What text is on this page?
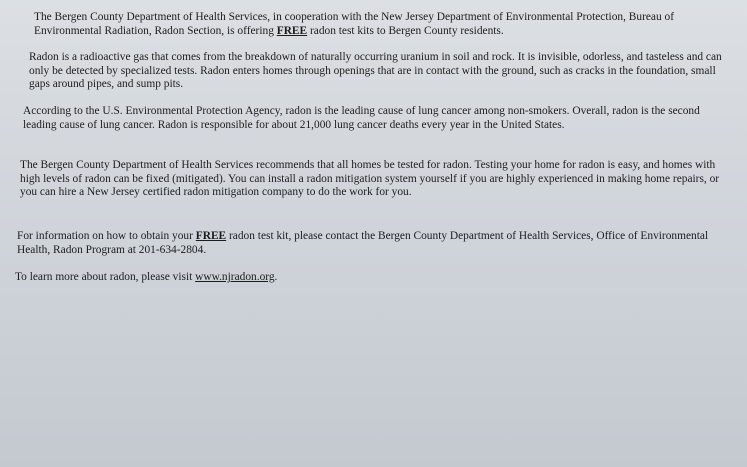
The Bergen County Department of Health Services, in cooperation with the New Jersey Department of Environmental Protection, Bureau of Environmental Radiation, Radon Section, is offering FREE radon test kits to Bergen County residents.

Radon is a radioactive gas that comes from the breakdown of naturally occurring uranium in soil and rock. It is invisible, odorless, and tasteless and can only be detected by specialized tests. Radon enters homes through openings that are in contact with the ground, such as cracks in the foundation, small gaps around pipes, and sump pits.

According to the U.S. Environmental Protection Agency, radon is the leading cause of lung cancer among non-smokers. Overall, radon is the second leading cause of lung cancer. Radon is responsible for about 21,000 lung cancer deaths every year in the United States.

The Bergen County Department of Health Services recommends that all homes be tested for radon. Testing your home for radon is easy, and homes with high levels of radon can be fixed (mitigated). You can install a radon mitigation system yourself if you are highly experienced in making home repairs, or you can hire a New Jersey certified radon mitigation company to do the work for you.

For information on how to obtain your FREE radon test kit, please contact the Bergen County Department of Health Services, Office of Environmental Health, Radon Program at 201-634-2804.

To learn more about radon, please visit www.njradon.org.
